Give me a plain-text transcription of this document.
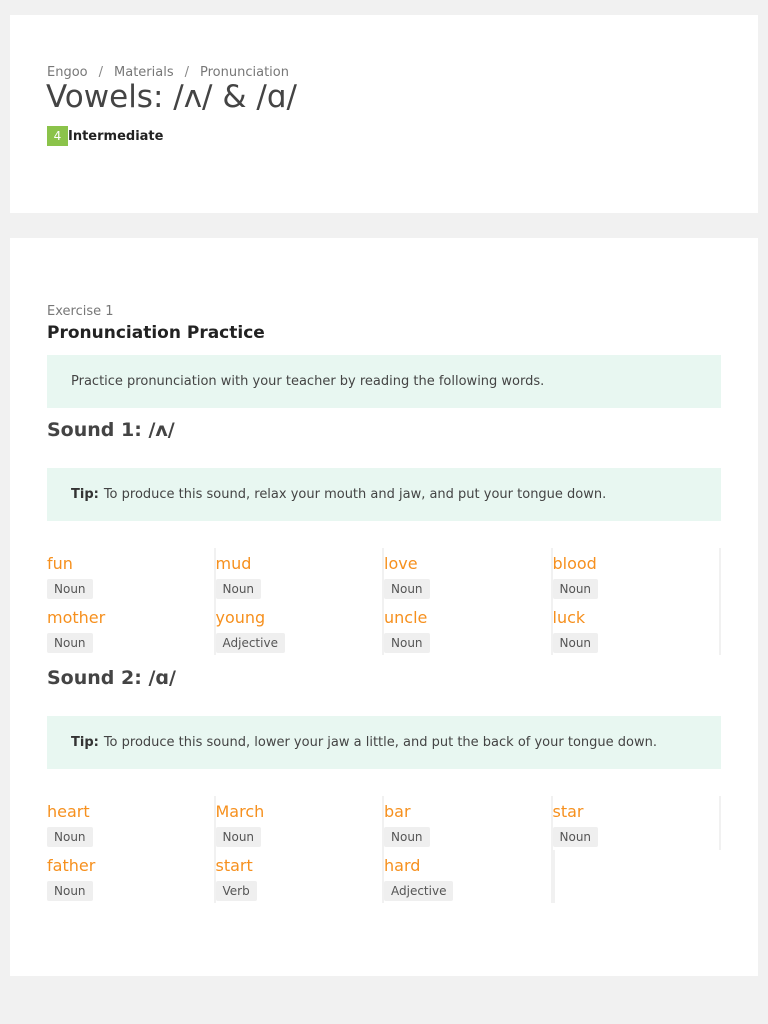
Engoo / Materials / Pronunciation
Vowels: /ʌ/ & /ɑ/
4 Intermediate
Exercise 1
Pronunciation Practice
Practice pronunciation with your teacher by reading the following words.
Sound 1: /ʌ/
Tip: To produce this sound, relax your mouth and jaw, and put your tongue down.
fun
Noun
mud
Noun
love
Noun
blood
Noun
mother
Noun
young
Adjective
uncle
Noun
luck
Noun
Sound 2: /ɑ/
Tip: To produce this sound, lower your jaw a little, and put the back of your tongue down.
heart
Noun
March
Noun
bar
Noun
star
Noun
father
Noun
start
Verb
hard
Adjective
